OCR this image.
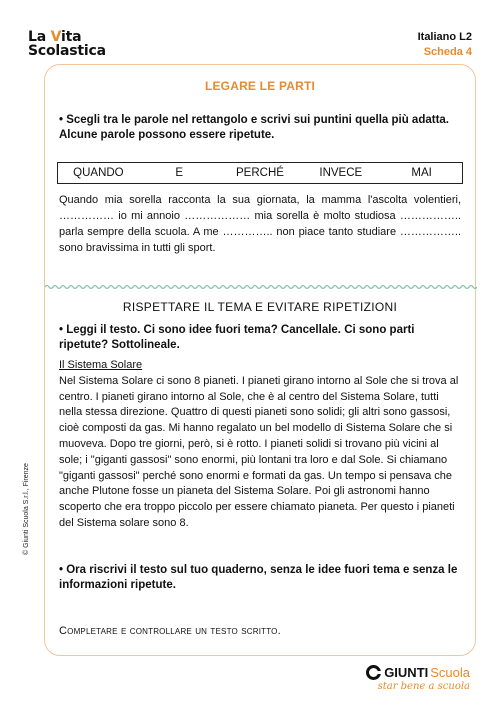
La Vita
Scolastica
Italiano L2
Scheda 4
LEGARE LE PARTI
• Scegli tra le parole nel rettangolo e scrivi sui puntini quella più adatta. Alcune parole possono essere ripetute.
QUANDO	E	PERCHÉ	INVECE	MAI
Quando mia sorella racconta la sua giornata, la mamma l'ascolta volentieri, …………… io mi annoio ……………… mia sorella è molto studiosa …………….. parla sempre della scuola. A me ………….. non piace tanto studiare …………….. sono bravissima in tutti gli sport.
RISPETTARE IL TEMA E EVITARE RIPETIZIONI
• Leggi il testo. Ci sono idee fuori tema? Cancellale. Ci sono parti ripetute? Sottolineale.
Il Sistema Solare
Nel Sistema Solare ci sono 8 pianeti. I pianeti girano intorno al Sole che si trova al centro. I pianeti girano intorno al Sole, che è al centro del Sistema Solare, tutti nella stessa direzione. Quattro di questi pianeti sono solidi; gli altri sono gassosi, cioè composti da gas. Mi hanno regalato un bel modello di Sistema Solare che si muoveva. Dopo tre giorni, però, si è rotto. I pianeti solidi si trovano più vicini al sole; i "giganti gassosi" sono enormi, più lontani tra loro e dal Sole. Si chiamano "giganti gassosi" perché sono enormi e formati da gas. Un tempo si pensava che anche Plutone fosse un pianeta del Sistema Solare. Poi gli astronomi hanno scoperto che era troppo piccolo per essere chiamato pianeta. Per questo i pianeti del Sistema solare sono 8.
• Ora riscrivi il testo sul tuo quaderno, senza le idee fuori tema e senza le informazioni ripetute.
Completare e controllare un testo scritto.
© Giunti Scuola S.r.l., Firenze
GIUNTI Scuola
star bene a scuola
